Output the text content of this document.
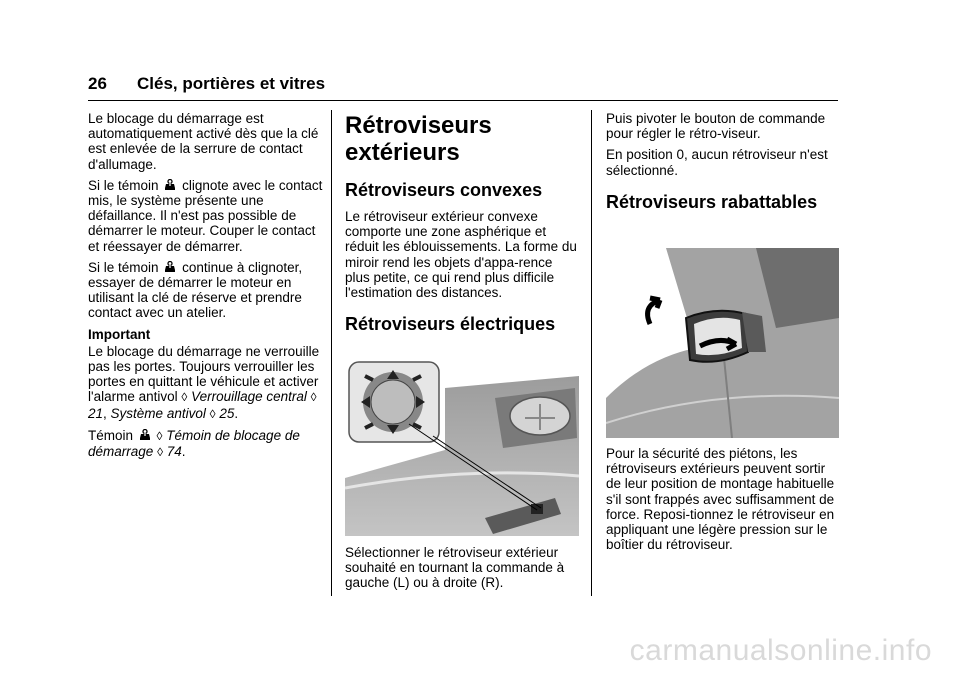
26 Clés, portières et vitres

Le blocage du démarrage est automatiquement activé dès que la clé est enlevée de la serrure de contact d'allumage.

Si le témoin clignote avec le contact mis, le système présente une défaillance. Il n'est pas possible de démarrer le moteur. Couper le contact et réessayer de démarrer.

Si le témoin continue à clignoter, essayer de démarrer le moteur en utilisant la clé de réserve et prendre contact avec un atelier.

Important

Le blocage du démarrage ne verrouille pas les portes. Toujours verrouiller les portes en quittant le véhicule et activer l'alarme antivol ◊ Verrouillage central ◊ 21, Système antivol ◊ 25.

Témoin ◊ Témoin de blocage de démarrage ◊ 74.

Rétroviseurs extérieurs
Rétroviseurs convexes

Le rétroviseur extérieur convexe comporte une zone asphérique et réduit les éblouissements. La forme du miroir rend les objets d'appa-rence plus petite, ce qui rend plus difficile l'estimation des distances.

Rétroviseurs électriques

Sélectionner le rétroviseur extérieur souhaité en tournant la commande à gauche (L) ou à droite (R).

Puis pivoter le bouton de commande pour régler le rétro-viseur.

En position 0, aucun rétroviseur n'est sélectionné.

Rétroviseurs rabattables

Pour la sécurité des piétons, les rétroviseurs extérieurs peuvent sortir de leur position de montage habituelle s'il sont frappés avec suffisamment de force. Reposi-tionnez le rétroviseur en appliquant une légère pression sur le boîtier du rétroviseur.

carmanualsonline.info
